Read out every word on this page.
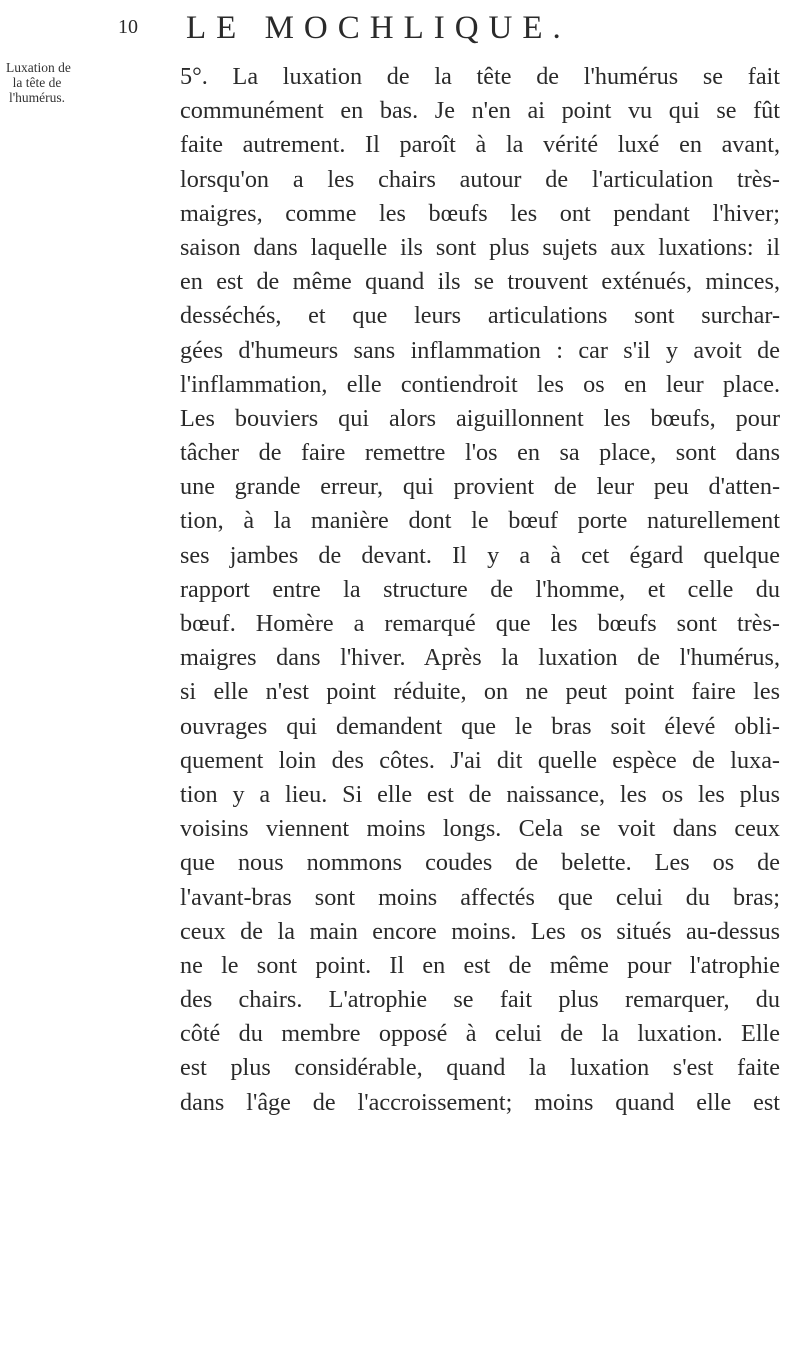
10 LE MOCHLIQUE.
Luxation de
la tête de
l'humérus.
5°. La luxation de la tête de l'humérus se fait
communément en bas. Je n'en ai point vu qui se fût
faite autrement. Il paroît à la vérité luxé en avant,
lorsqu'on a les chairs autour de l'articulation très-
maigres, comme les bœufs les ont pendant l'hiver;
saison dans laquelle ils sont plus sujets aux luxations: il
en est de même quand ils se trouvent exténués, minces,
desséchés, et que leurs articulations sont surchar-
gées d'humeurs sans inflammation : car s'il y avoit de
l'inflammation, elle contiendroit les os en leur place.
Les bouviers qui alors aiguillonnent les bœufs, pour
tâcher de faire remettre l'os en sa place, sont dans
une grande erreur, qui provient de leur peu d'atten-
tion, à la manière dont le bœuf porte naturellement
ses jambes de devant. Il y a à cet égard quelque
rapport entre la structure de l'homme, et celle du
bœuf. Homère a remarqué que les bœufs sont très-
maigres dans l'hiver. Après la luxation de l'humérus,
si elle n'est point réduite, on ne peut point faire les
ouvrages qui demandent que le bras soit élevé obli-
quement loin des côtes. J'ai dit quelle espèce de luxa-
tion y a lieu. Si elle est de naissance, les os les plus
voisins viennent moins longs. Cela se voit dans ceux
que nous nommons coudes de belette. Les os de
l'avant-bras sont moins affectés que celui du bras;
ceux de la main encore moins. Les os situés au-dessus
ne le sont point. Il en est de même pour l'atrophie
des chairs. L'atrophie se fait plus remarquer, du
côté du membre opposé à celui de la luxation. Elle
est plus considérable, quand la luxation s'est faite
dans l'âge de l'accroissement; moins quand elle est
